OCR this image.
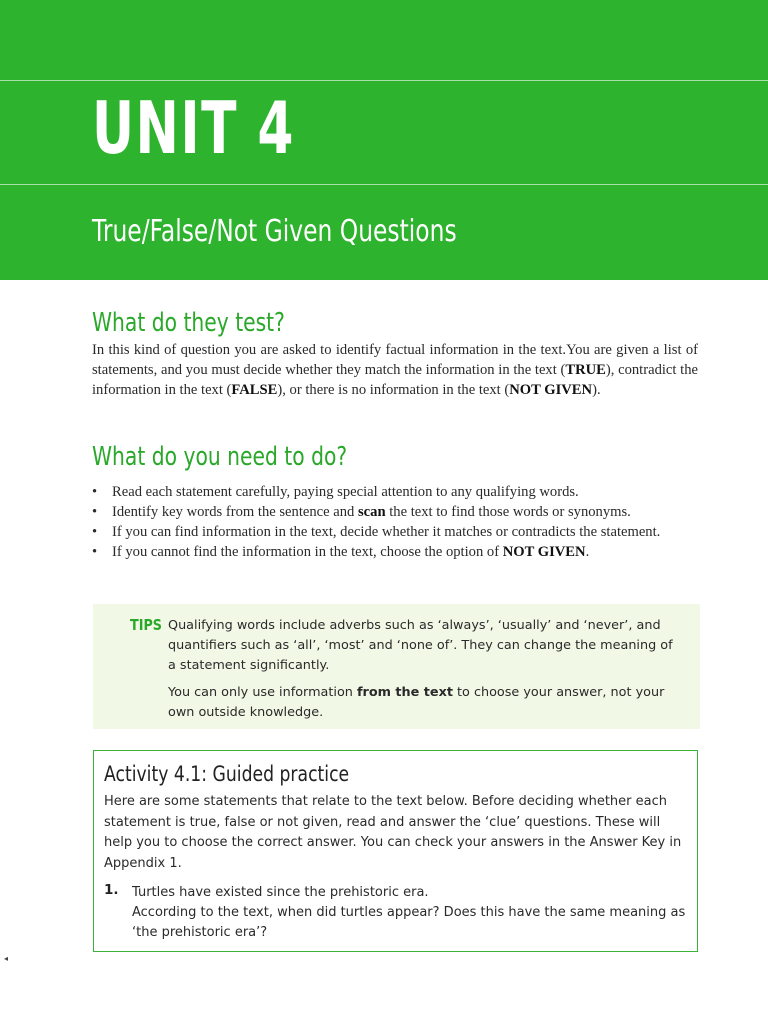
UNIT 4
True/False/Not Given Questions
What do they test?

In this kind of question you are asked to identify factual information in the text.You are given a list of statements, and you must decide whether they match the information in the text (TRUE), contradict the information in the text (FALSE), or there is no information in the text (NOT GIVEN).

What do you need to do?
• Read each statement carefully, paying special attention to any qualifying words.
• Identify key words from the sentence and scan the text to find those words or synonyms.
• If you can find information in the text, decide whether it matches or contradicts the statement.
• If you cannot find the information in the text, choose the option of NOT GIVEN.
TIPS Qualifying words include adverbs such as ‘always’, ‘usually’ and ‘never’, and quantifiers such as ‘all’, ‘most’ and ‘none of’. They can change the meaning of a statement significantly.

You can only use information from the text to choose your answer, not your own outside knowledge.

Activity 4.1: Guided practice

Here are some statements that relate to the text below. Before deciding whether each statement is true, false or not given, read and answer the ‘clue’ questions. These will help you to choose the correct answer. You can check your answers in the Answer Key in Appendix 1.

1. Turtles have existed since the prehistoric era.

According to the text, when did turtles appear? Does this have the same meaning as ‘the prehistoric era’?

◂
